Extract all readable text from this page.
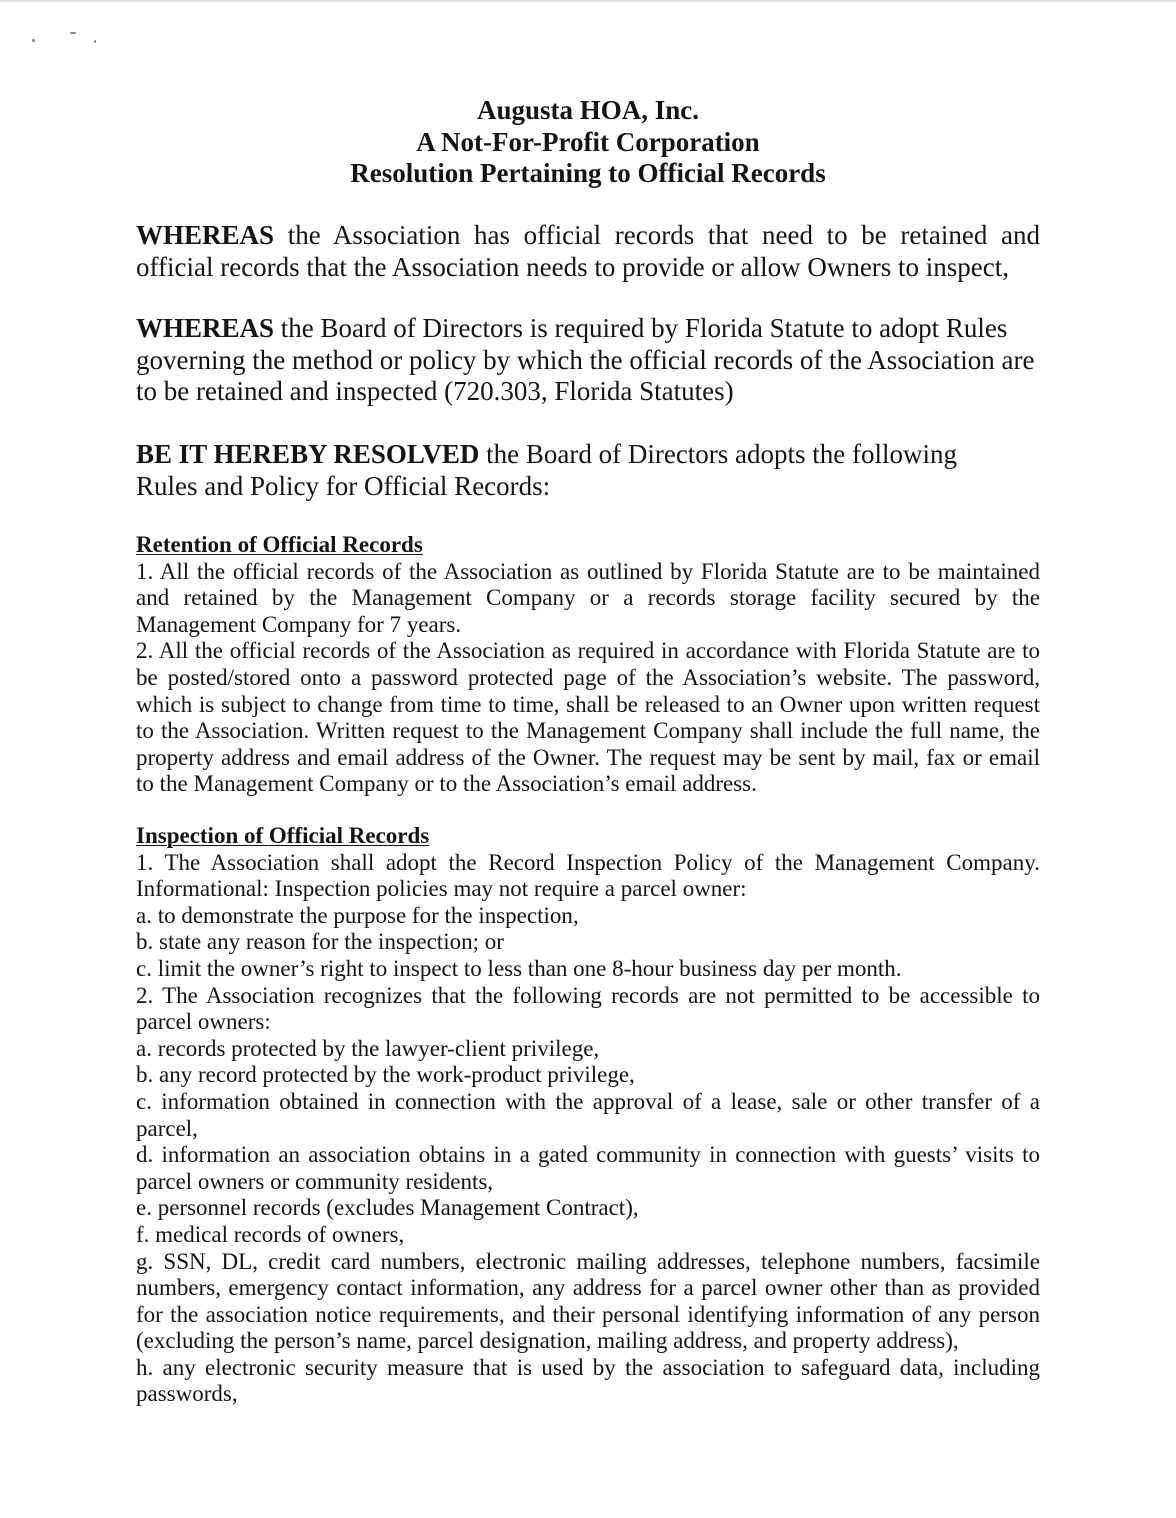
Augusta HOA, Inc.
A Not-For-Profit Corporation
Resolution Pertaining to Official Records
WHEREAS the Association has official records that need to be retained and
official records that the Association needs to provide or allow Owners to inspect,
WHEREAS the Board of Directors is required by Florida Statute to adopt Rules
governing the method or policy by which the official records of the Association are
to be retained and inspected (720.303, Florida Statutes)
BE IT HEREBY RESOLVED the Board of Directors adopts the following
Rules and Policy for Official Records:
Retention of Official Records
1. All the official records of the Association as outlined by Florida Statute are to be maintained
and retained by the Management Company or a records storage facility secured by the
Management Company for 7 years.
2. All the official records of the Association as required in accordance with Florida Statute are to
be posted/stored onto a password protected page of the Association’s website. The password,
which is subject to change from time to time, shall be released to an Owner upon written request
to the Association. Written request to the Management Company shall include the full name, the
property address and email address of the Owner. The request may be sent by mail, fax or email
to the Management Company or to the Association’s email address.
Inspection of Official Records
1. The Association shall adopt the Record Inspection Policy of the Management Company.
Informational: Inspection policies may not require a parcel owner:
a. to demonstrate the purpose for the inspection,
b. state any reason for the inspection; or
c. limit the owner’s right to inspect to less than one 8-hour business day per month.
2. The Association recognizes that the following records are not permitted to be accessible to
parcel owners:
a. records protected by the lawyer-client privilege,
b. any record protected by the work-product privilege,
c. information obtained in connection with the approval of a lease, sale or other transfer of a
parcel,
d. information an association obtains in a gated community in connection with guests’ visits to
parcel owners or community residents,
e. personnel records (excludes Management Contract),
f. medical records of owners,
g. SSN, DL, credit card numbers, electronic mailing addresses, telephone numbers, facsimile
numbers, emergency contact information, any address for a parcel owner other than as provided
for the association notice requirements, and their personal identifying information of any person
(excluding the person’s name, parcel designation, mailing address, and property address),
h. any electronic security measure that is used by the association to safeguard data, including
passwords,
